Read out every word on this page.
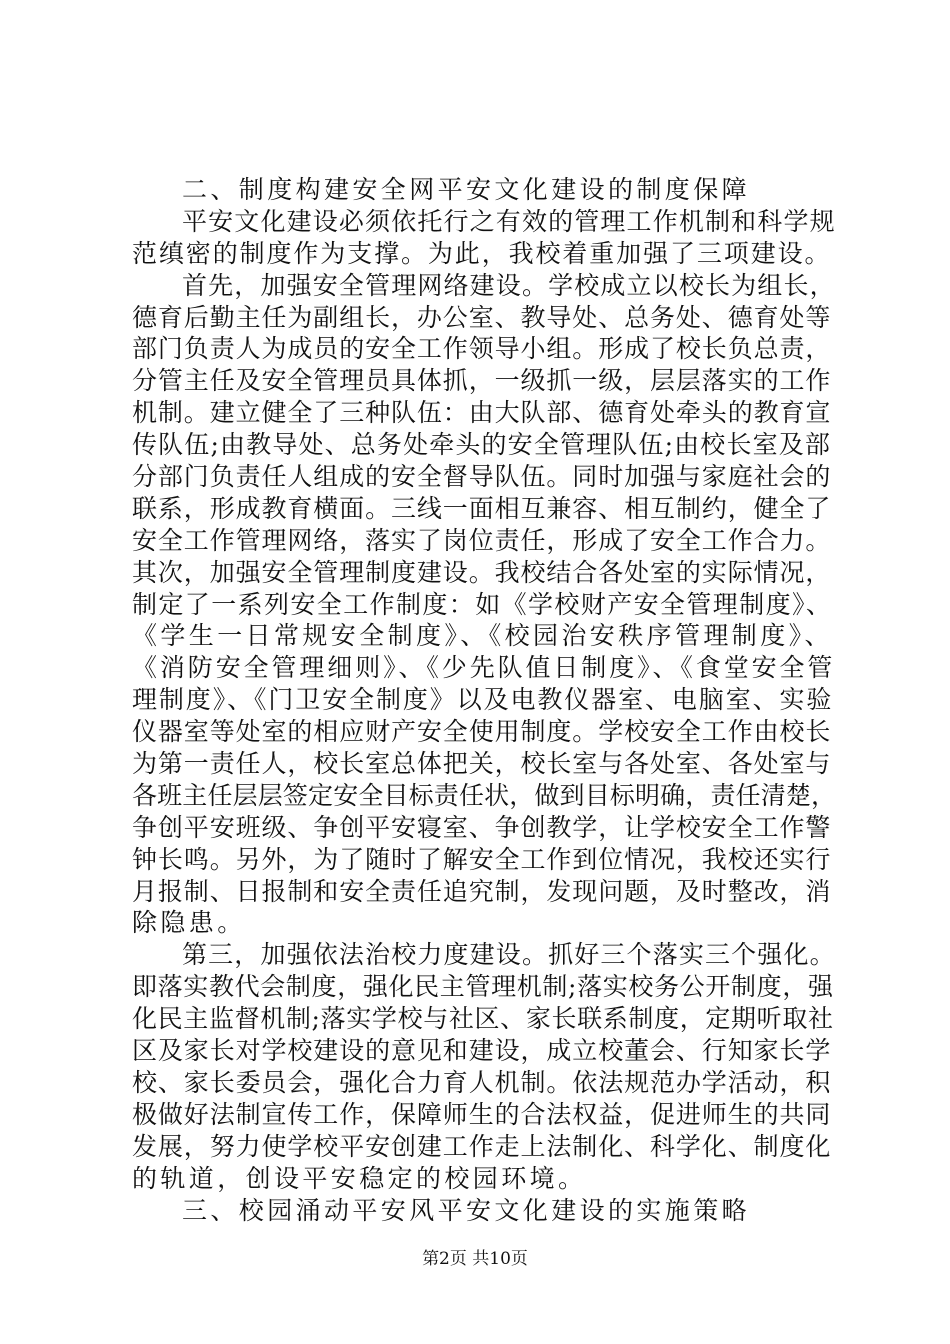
二、制度构建安全网平安文化建设的制度保障
平安文化建设必须依托行之有效的管理工作机制和科学规
范缜密的制度作为支撑。为此，我校着重加强了三项建设。
首先，加强安全管理网络建设。学校成立以校长为组长，
德育后勤主任为副组长，办公室、教导处、总务处、德育处等
部门负责人为成员的安全工作领导小组。形成了校长负总责，
分管主任及安全管理员具体抓，一级抓一级，层层落实的工作
机制。建立健全了三种队伍：由大队部、德育处牵头的教育宣
传队伍;由教导处、总务处牵头的安全管理队伍;由校长室及部
分部门负责任人组成的安全督导队伍。同时加强与家庭社会的
联系，形成教育横面。三线一面相互兼容、相互制约，健全了
安全工作管理网络，落实了岗位责任，形成了安全工作合力。
其次，加强安全管理制度建设。我校结合各处室的实际情况，
制定了一系列安全工作制度：如《学校财产安全管理制度》、
《学生一日常规安全制度》、《校园治安秩序管理制度》、
《消防安全管理细则》、《少先队值日制度》、《食堂安全管
理制度》、《门卫安全制度》以及电教仪器室、电脑室、实验
仪器室等处室的相应财产安全使用制度。学校安全工作由校长
为第一责任人，校长室总体把关，校长室与各处室、各处室与
各班主任层层签定安全目标责任状，做到目标明确，责任清楚，
争创平安班级、争创平安寝室、争创教学，让学校安全工作警
钟长鸣。另外，为了随时了解安全工作到位情况，我校还实行
月报制、日报制和安全责任追究制，发现问题，及时整改，消
除隐患。
第三，加强依法治校力度建设。抓好三个落实三个强化。
即落实教代会制度，强化民主管理机制;落实校务公开制度，强
化民主监督机制;落实学校与社区、家长联系制度，定期听取社
区及家长对学校建设的意见和建设，成立校董会、行知家长学
校、家长委员会，强化合力育人机制。依法规范办学活动，积
极做好法制宣传工作，保障师生的合法权益，促进师生的共同
发展，努力使学校平安创建工作走上法制化、科学化、制度化
的轨道，创设平安稳定的校园环境。
三、校园涌动平安风平安文化建设的实施策略
第2页 共10页
